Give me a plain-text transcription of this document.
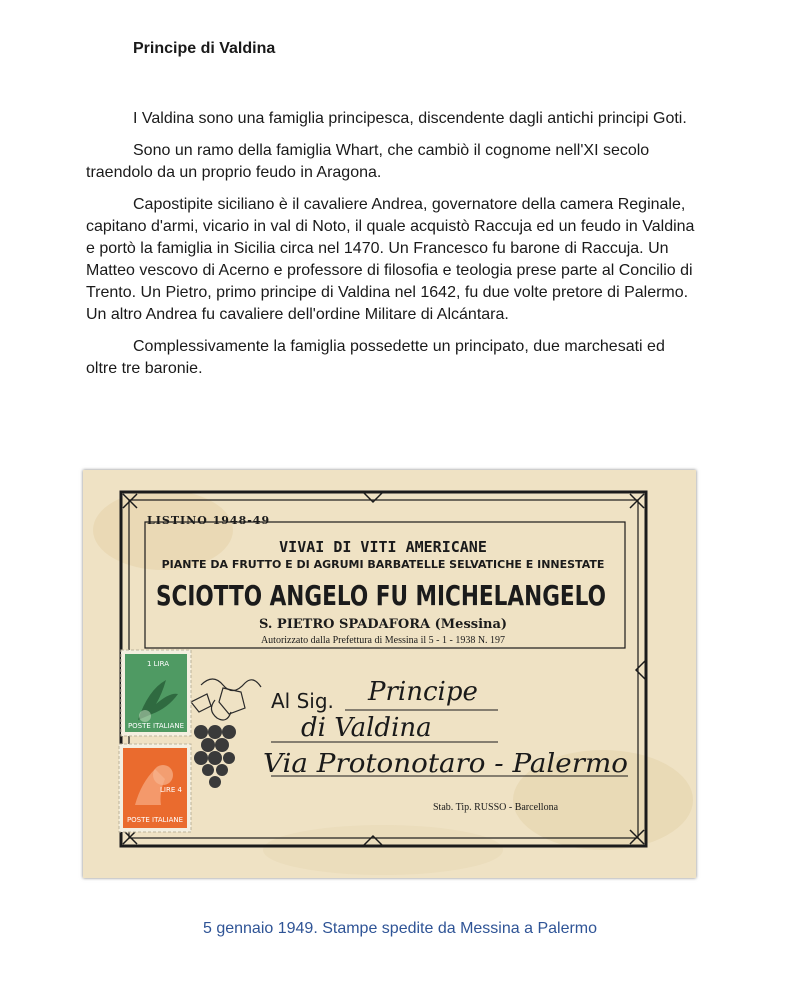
Principe di Valdina

I Valdina sono una famiglia principesca, discendente dagli antichi principi Goti.

Sono un ramo della famiglia Whart, che cambiò il cognome nell'XI secolo traendolo da un proprio feudo in Aragona.

Capostipite siciliano è il cavaliere Andrea, governatore della camera Reginale, capitano d'armi, vicario in val di Noto, il quale acquistò Raccuja ed un feudo in Valdina e portò la famiglia in Sicilia circa nel 1470. Un Francesco fu barone di Raccuja. Un Matteo vescovo di Acerno e professore di filosofia e teologia prese parte al Concilio di Trento. Un Pietro, primo principe di Valdina nel 1642, fu due volte pretore di Palermo. Un altro Andrea fu cavaliere dell'ordine Militare di Alcántara.

Complessivamente la famiglia possedette un principato, due marchesati ed oltre tre baronie.

LISTINO 1948-49
VIVAI DI VITI AMERICANE
PIANTE DA FRUTTO E DI AGRUMI BARBATELLE SELVATICHE E INNESTATE
SCIOTTO ANGELO FU MICHELANGELO
S. PIETRO SPADAFORA (Messina)
Autorizzato dalla Prefettura di Messina il 5 - 1 - 1938 N. 197
Al Sig. Principe
di Valdina
Via Protonotaro - Palermo
Stab. Tip. RUSSO - Barcellona
1 LIRA
POSTE ITALIANE
LIRE 4
POSTE ITALIANE
5 gennaio 1949. Stampe spedite da Messina a Palermo
